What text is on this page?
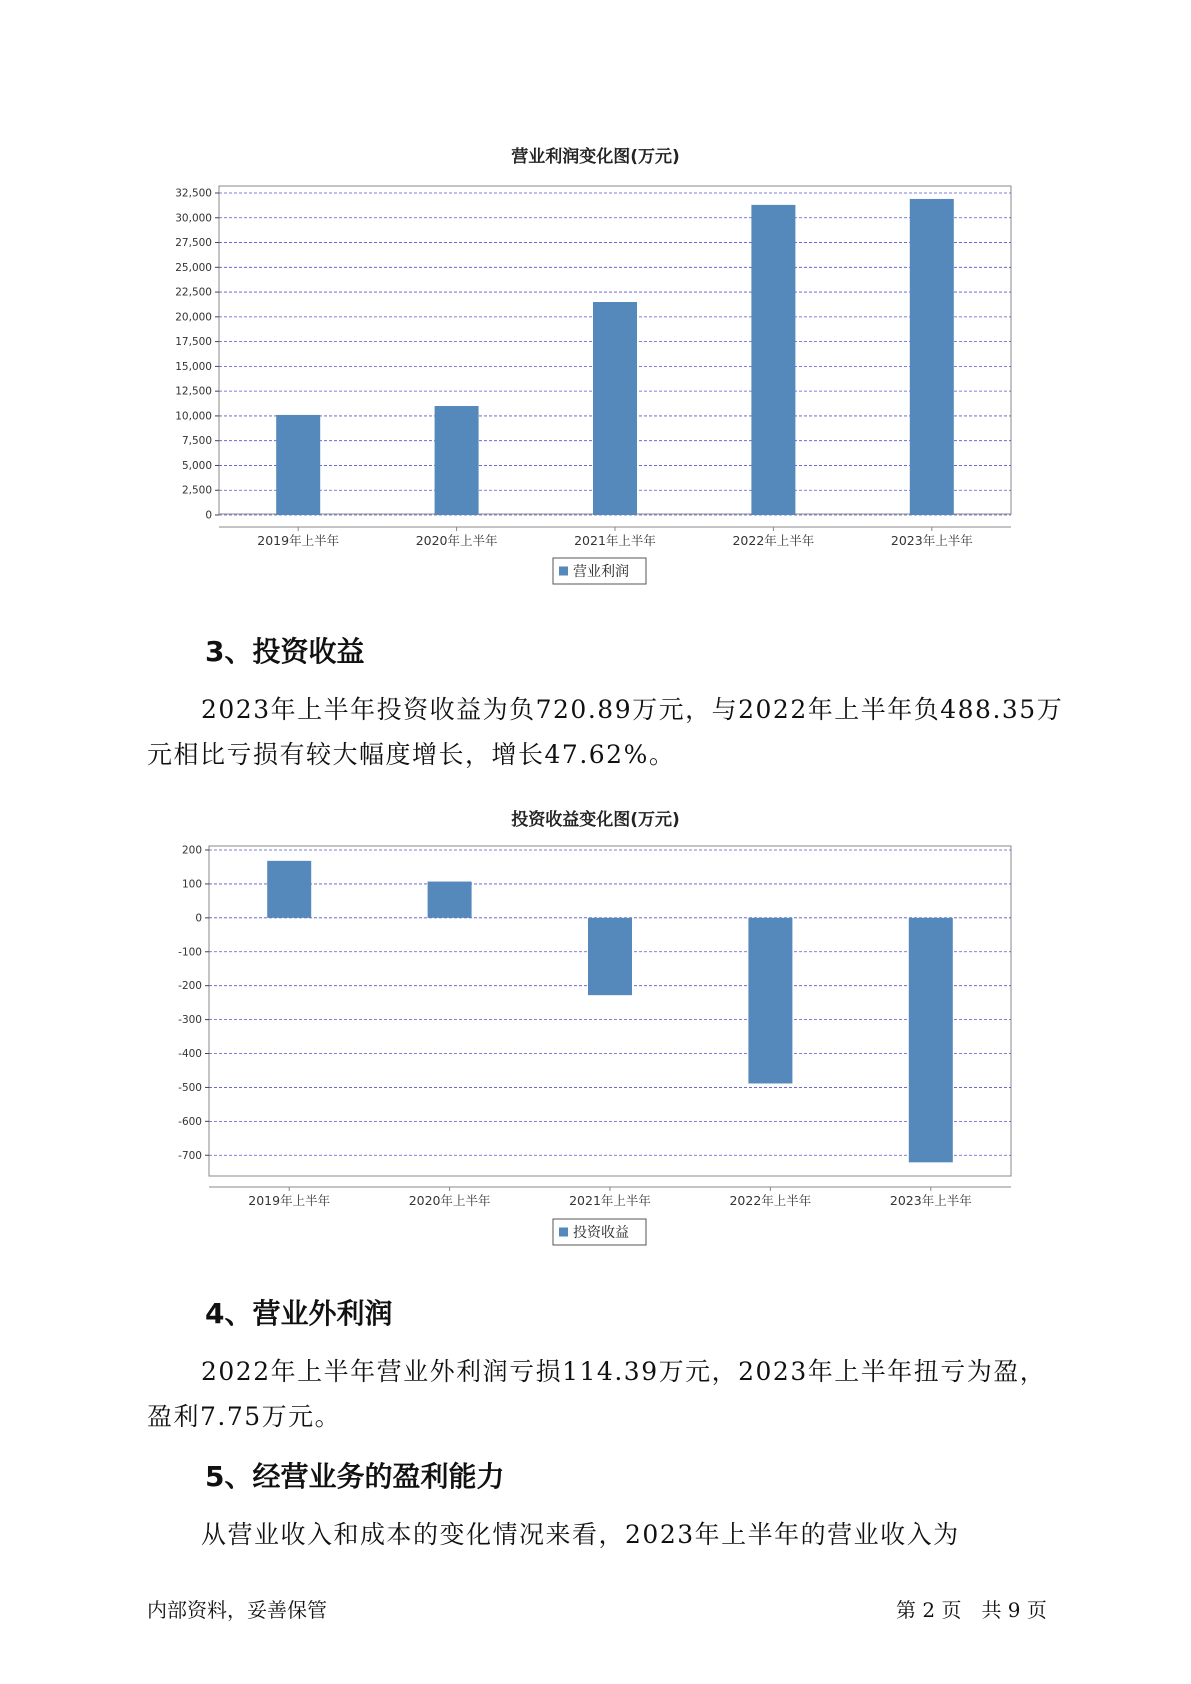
营业利润变化图(万元)
0
2,500
5,000
7,500
10,000
12,500
15,000
17,500
20,000
22,500
25,000
27,500
30,000
32,500
2019年上半年	2020年上半年	2021年上半年	2022年上半年	2023年上半年
营业利润
3、投资收益
2023年上半年投资收益为负720.89万元，与2022年上半年负488.35万
元相比亏损有较大幅度增长，增长47.62%。
投资收益变化图(万元)
200
100
0
-100
-200
-300
-400
-500
-600
-700
2019年上半年	2020年上半年	2021年上半年	2022年上半年	2023年上半年
投资收益
4、营业外利润
2022年上半年营业外利润亏损114.39万元，2023年上半年扭亏为盈，
盈利7.75万元。
5、经营业务的盈利能力
从营业收入和成本的变化情况来看，2023年上半年的营业收入为
内部资料，妥善保管	第 2 页　共 9 页
